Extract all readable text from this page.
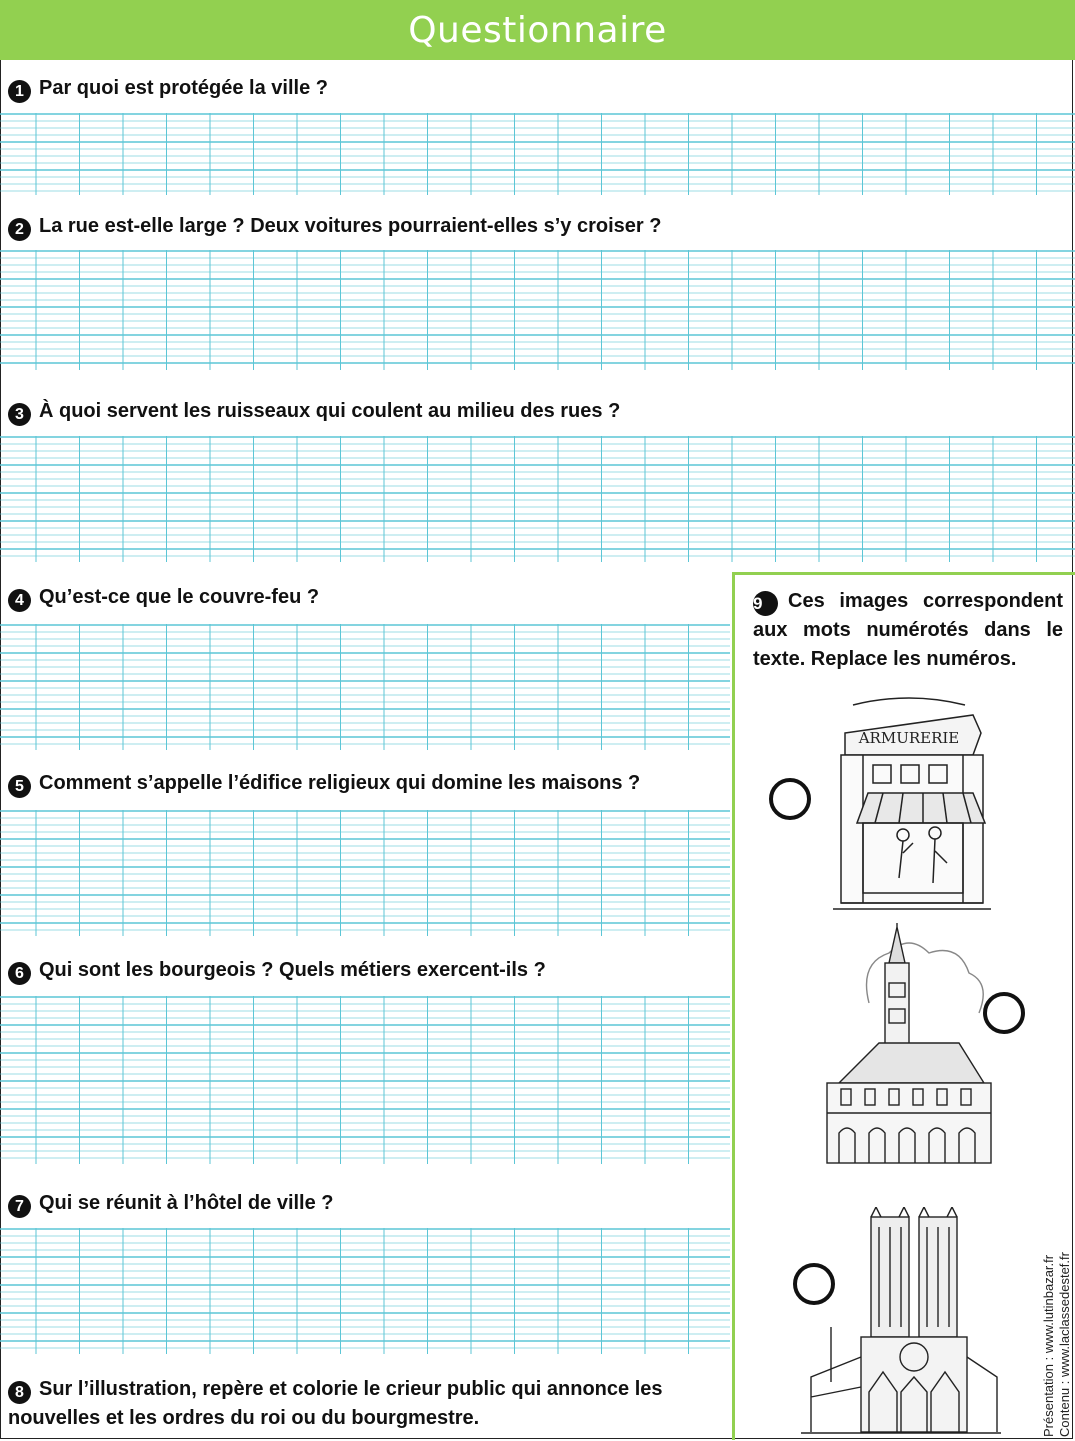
Questionnaire
1 Par quoi est protégée la ville ?
2 La rue est-elle large ? Deux voitures pourraient-elles s’y croiser ?
3 À quoi servent les ruisseaux qui coulent au milieu des rues ?
4 Qu’est-ce que le couvre-feu ?
5 Comment s’appelle l’édifice religieux qui domine les maisons ?
6 Qui sont les bourgeois ? Quels métiers exercent-ils ?
7 Qui se réunit à l’hôtel de ville ?
8 Sur l’illustration, repère et colorie le crieur public qui annonce les nouvelles et les ordres du roi ou du bourgmestre.
9 Ces images correspondent aux mots numérotés dans le texte. Replace les numéros.
ARMURERIE
Présentation : www.lutinbazar.fr Contenu : www.laclassedestef.fr
